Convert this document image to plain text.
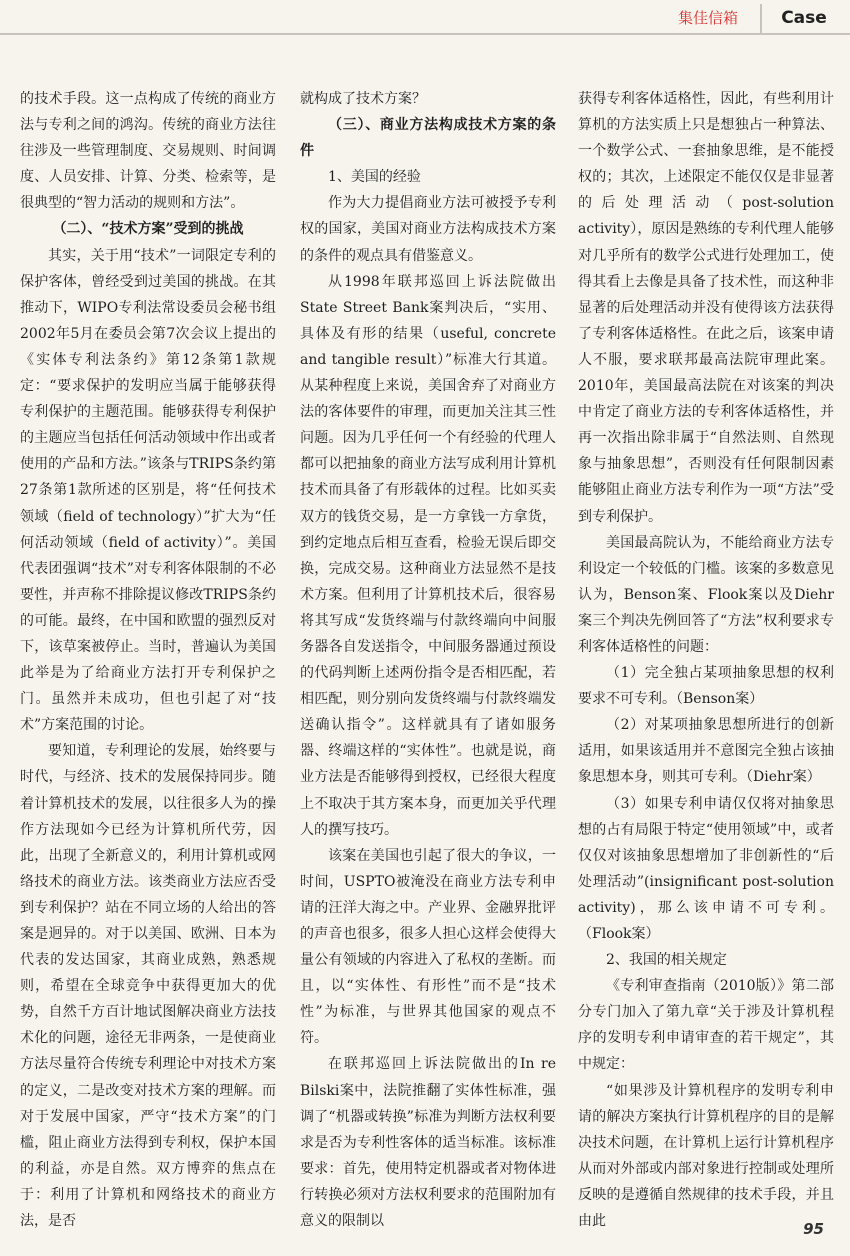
集佳信箱	Case

的技术手段。这一点构成了传统的商业方法与专利之间的鸿沟。传统的商业方法往往涉及一些管理制度、交易规则、时间调度、人员安排、计算、分类、检索等，是很典型的“智力活动的规则和方法”。

（二）、“技术方案”受到的挑战

其实，关于用“技术”一词限定专利的保护客体，曾经受到过美国的挑战。在其推动下，WIPO专利法常设委员会秘书组2002年5月在委员会第7次会议上提出的《实体专利法条约》第12条第1款规定：“要求保护的发明应当属于能够获得专利保护的主题范围。能够获得专利保护的主题应当包括任何活动领域中作出或者使用的产品和方法。”该条与TRIPS条约第27条第1款所述的区别是，将“任何技术领域（field of technology）”扩大为“任何活动领域（field of activity）”。美国代表团强调“技术”对专利客体限制的不必要性，并声称不排除提议修改TRIPS条约的可能。最终，在中国和欧盟的强烈反对下，该草案被停止。当时，普遍认为美国此举是为了给商业方法打开专利保护之门。虽然并未成功，但也引起了对“技术”方案范围的讨论。

要知道，专利理论的发展，始终要与时代，与经济、技术的发展保持同步。随着计算机技术的发展，以往很多人为的操作方法现如今已经为计算机所代劳，因此，出现了全新意义的，利用计算机或网络技术的商业方法。该类商业方法应否受到专利保护？站在不同立场的人给出的答案是迥异的。对于以美国、欧洲、日本为代表的发达国家，其商业成熟，熟悉规则，希望在全球竞争中获得更加大的优势，自然千方百计地试图解决商业方法技术化的问题，途径无非两条，一是使商业方法尽量符合传统专利理论中对技术方案的定义，二是改变对技术方案的理解。而对于发展中国家，严守“技术方案”的门槛，阻止商业方法得到专利权，保护本国的利益，亦是自然。双方博弈的焦点在于：利用了计算机和网络技术的商业方法，是否

就构成了技术方案？

（三）、商业方法构成技术方案的条件

1、美国的经验

作为大力提倡商业方法可被授予专利权的国家，美国对商业方法构成技术方案的条件的观点具有借鉴意义。

从1998年联邦巡回上诉法院做出State Street Bank案判决后，“实用、具体及有形的结果（useful, concrete and tangible result）”标准大行其道。从某种程度上来说，美国舍弃了对商业方法的客体要件的审理，而更加关注其三性问题。因为几乎任何一个有经验的代理人都可以把抽象的商业方法写成利用计算机技术而具备了有形载体的过程。比如买卖双方的钱货交易，是一方拿钱一方拿货，到约定地点后相互查看，检验无误后即交换，完成交易。这种商业方法显然不是技术方案。但利用了计算机技术后，很容易将其写成“发货终端与付款终端向中间服务器各自发送指令，中间服务器通过预设的代码判断上述两份指令是否相匹配，若相匹配，则分别向发货终端与付款终端发送确认指令”。这样就具有了诸如服务器、终端这样的“实体性”。也就是说，商业方法是否能够得到授权，已经很大程度上不取决于其方案本身，而更加关乎代理人的撰写技巧。

该案在美国也引起了很大的争议，一时间，USPTO被淹没在商业方法专利申请的汪洋大海之中。产业界、金融界批评的声音也很多，很多人担心这样会使得大量公有领域的内容进入了私权的垄断。而且，以“实体性、有形性”而不是“技术性”为标准，与世界其他国家的观点不符。

在联邦巡回上诉法院做出的In re Bilski案中，法院推翻了实体性标准，强调了“机器或转换”标准为判断方法权利要求是否为专利性客体的适当标准。该标准要求：首先，使用特定机器或者对物体进行转换必须对方法权利要求的范围附加有意义的限制以

获得专利客体适格性，因此，有些利用计算机的方法实质上只是想独占一种算法、一个数学公式、一套抽象思维，是不能授权的；其次，上述限定不能仅仅是非显著的后处理活动（post-solution activity），原因是熟练的专利代理人能够对几乎所有的数学公式进行处理加工，使得其看上去像是具备了技术性，而这种非显著的后处理活动并没有使得该方法获得了专利客体适格性。在此之后，该案申请人不服，要求联邦最高法院审理此案。2010年，美国最高法院在对该案的判决中肯定了商业方法的专利客体适格性，并再一次指出除非属于“自然法则、自然现象与抽象思想”，否则没有任何限制因素能够阻止商业方法专利作为一项“方法”受到专利保护。

美国最高院认为，不能给商业方法专利设定一个较低的门槛。该案的多数意见认为，Benson案、Flook案以及Diehr案三个判决先例回答了“方法”权利要求专利客体适格性的问题：

（1）完全独占某项抽象思想的权利要求不可专利。（Benson案）

（2）对某项抽象思想所进行的创新适用，如果该适用并不意图完全独占该抽象思想本身，则其可专利。（Diehr案）

（3）如果专利申请仅仅将对抽象思想的占有局限于特定“使用领域”中，或者仅仅对该抽象思想增加了非创新性的“后处理活动”(insignificant post-solution activity)，那么该申请不可专利。（Flook案）

2、我国的相关规定

《专利审查指南（2010版）》第二部分专门加入了第九章“关于涉及计算机程序的发明专利申请审查的若干规定”，其中规定：

“如果涉及计算机程序的发明专利申请的解决方案执行计算机程序的目的是解决技术问题，在计算机上运行计算机程序从而对外部或内部对象进行控制或处理所反映的是遵循自然规律的技术手段，并且由此	95
